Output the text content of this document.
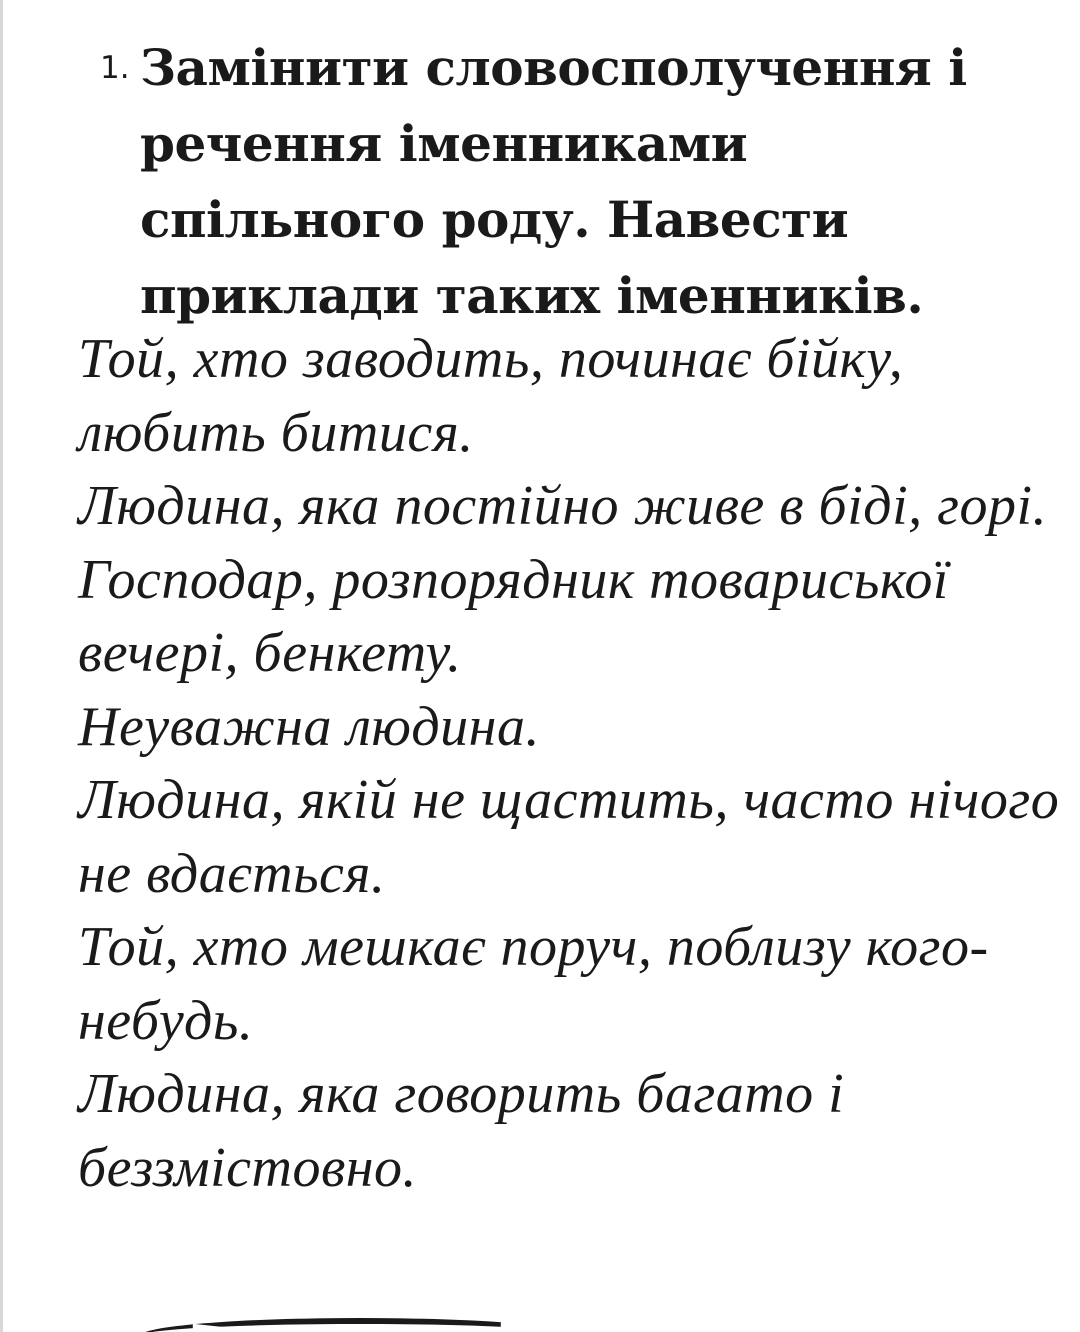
1. Замінити словосполучення і речення іменниками спільного роду. Навести приклади таких іменників.
Той, хто заводить, починає бійку, любить битися.
Людина, яка постійно живе в біді, горі.
Господар, розпорядник товариської вечері, бенкету.
Неуважна людина.
Людина, якій не щастить, часто нічого не вдається.
Той, хто мешкає поруч, поблизу кого-небудь.
Людина, яка говорить багато і беззмістовно.
